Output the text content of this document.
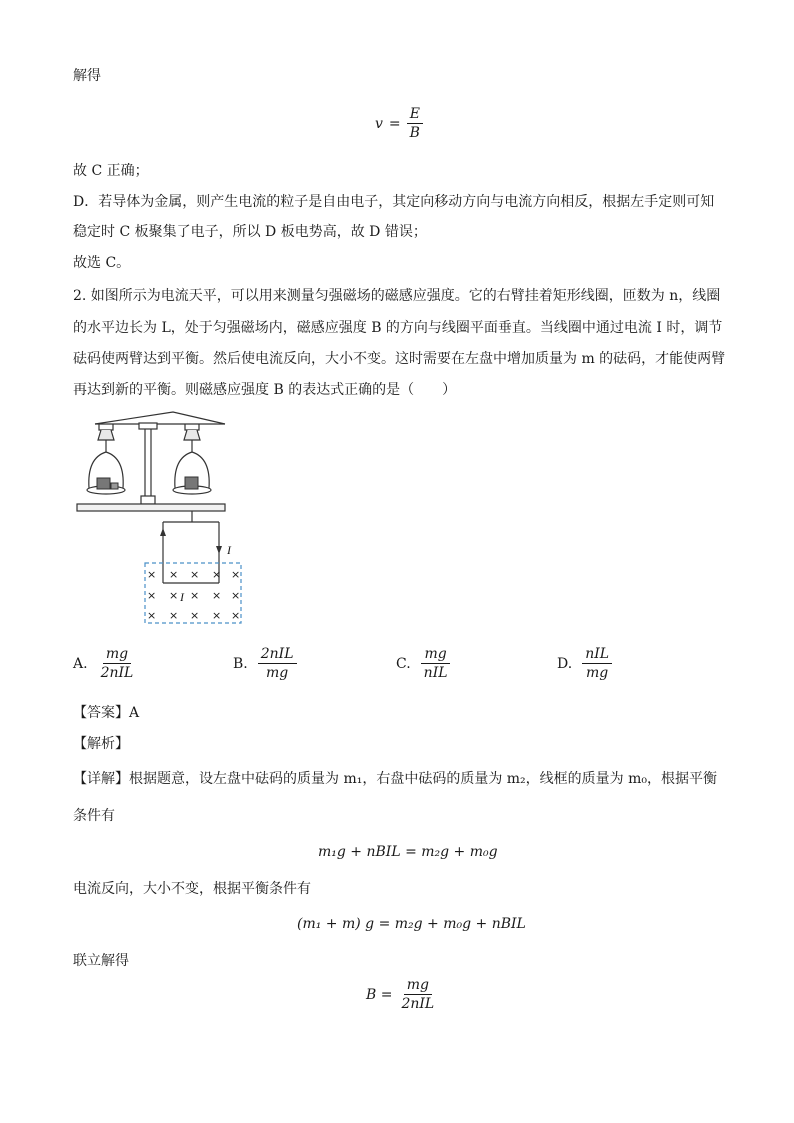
解得
$v = \frac{E}{B}$
故 C 正确；
D．若导体为金属，则产生电流的粒子是自由电子，其定向移动方向与电流方向相反，根据左手定则可知
稳定时 C 板聚集了电子，所以 D 板电势高，故 D 错误；
故选 C。
2. 如图所示为电流天平，可以用来测量匀强磁场的磁感应强度。它的右臂挂着矩形线圈，匝数为 n，线圈
的水平边长为 L，处于匀强磁场内，磁感应强度 B 的方向与线圈平面垂直。当线圈中通过电流 I 时，调节
砝码使两臂达到平衡。然后使电流反向，大小不变。这时需要在左盘中增加质量为 m 的砝码，才能使两臂
再达到新的平衡。则磁感应强度 B 的表达式正确的是（　　）
I
× × × × ×
× × × × ×
× × × × ×
I
A. $\frac{mg}{\text{2nIL}}$	B. $\frac{\text{2nIL}}{mg}$	C. $\frac{mg}{\text{nIL}}$	D. $\frac{\text{nIL}}{mg}$
【答案】A
【解析】
【详解】根据题意，设左盘中砝码的质量为 m₁，右盘中砝码的质量为 m₂，线框的质量为 m₀，根据平衡
条件有
m₁g + nBIL = m₂g + m₀g
电流反向，大小不变，根据平衡条件有
(m₁ + m) g = m₂g + m₀g + nBIL
联立解得
$B = \frac{mg}{\text{2nIL}}$
